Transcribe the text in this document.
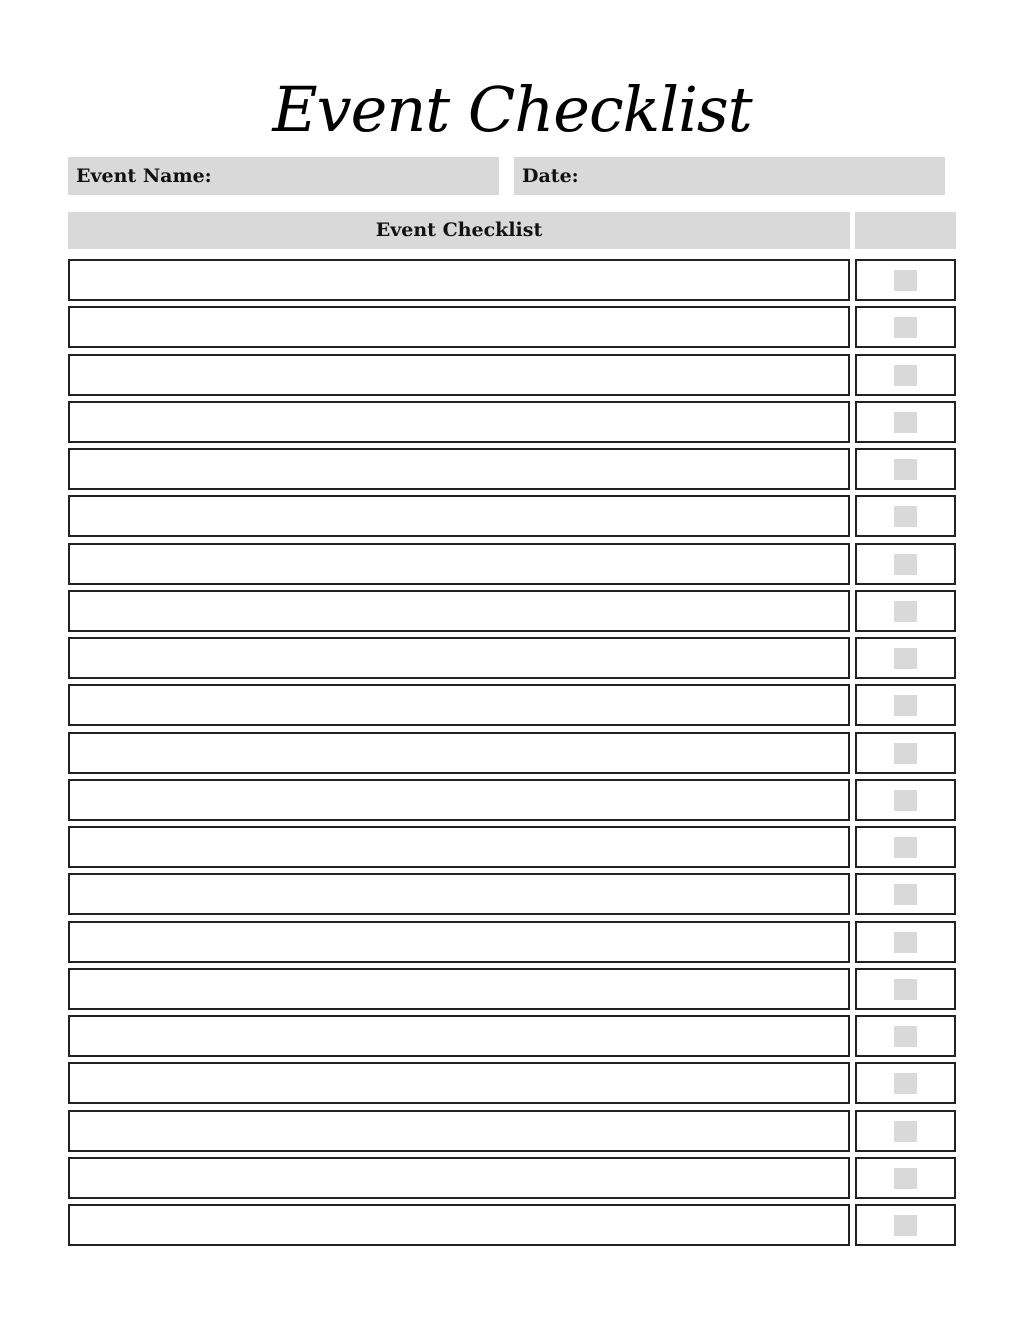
Event Checklist
Event Name:	Date:
Event Checklist
